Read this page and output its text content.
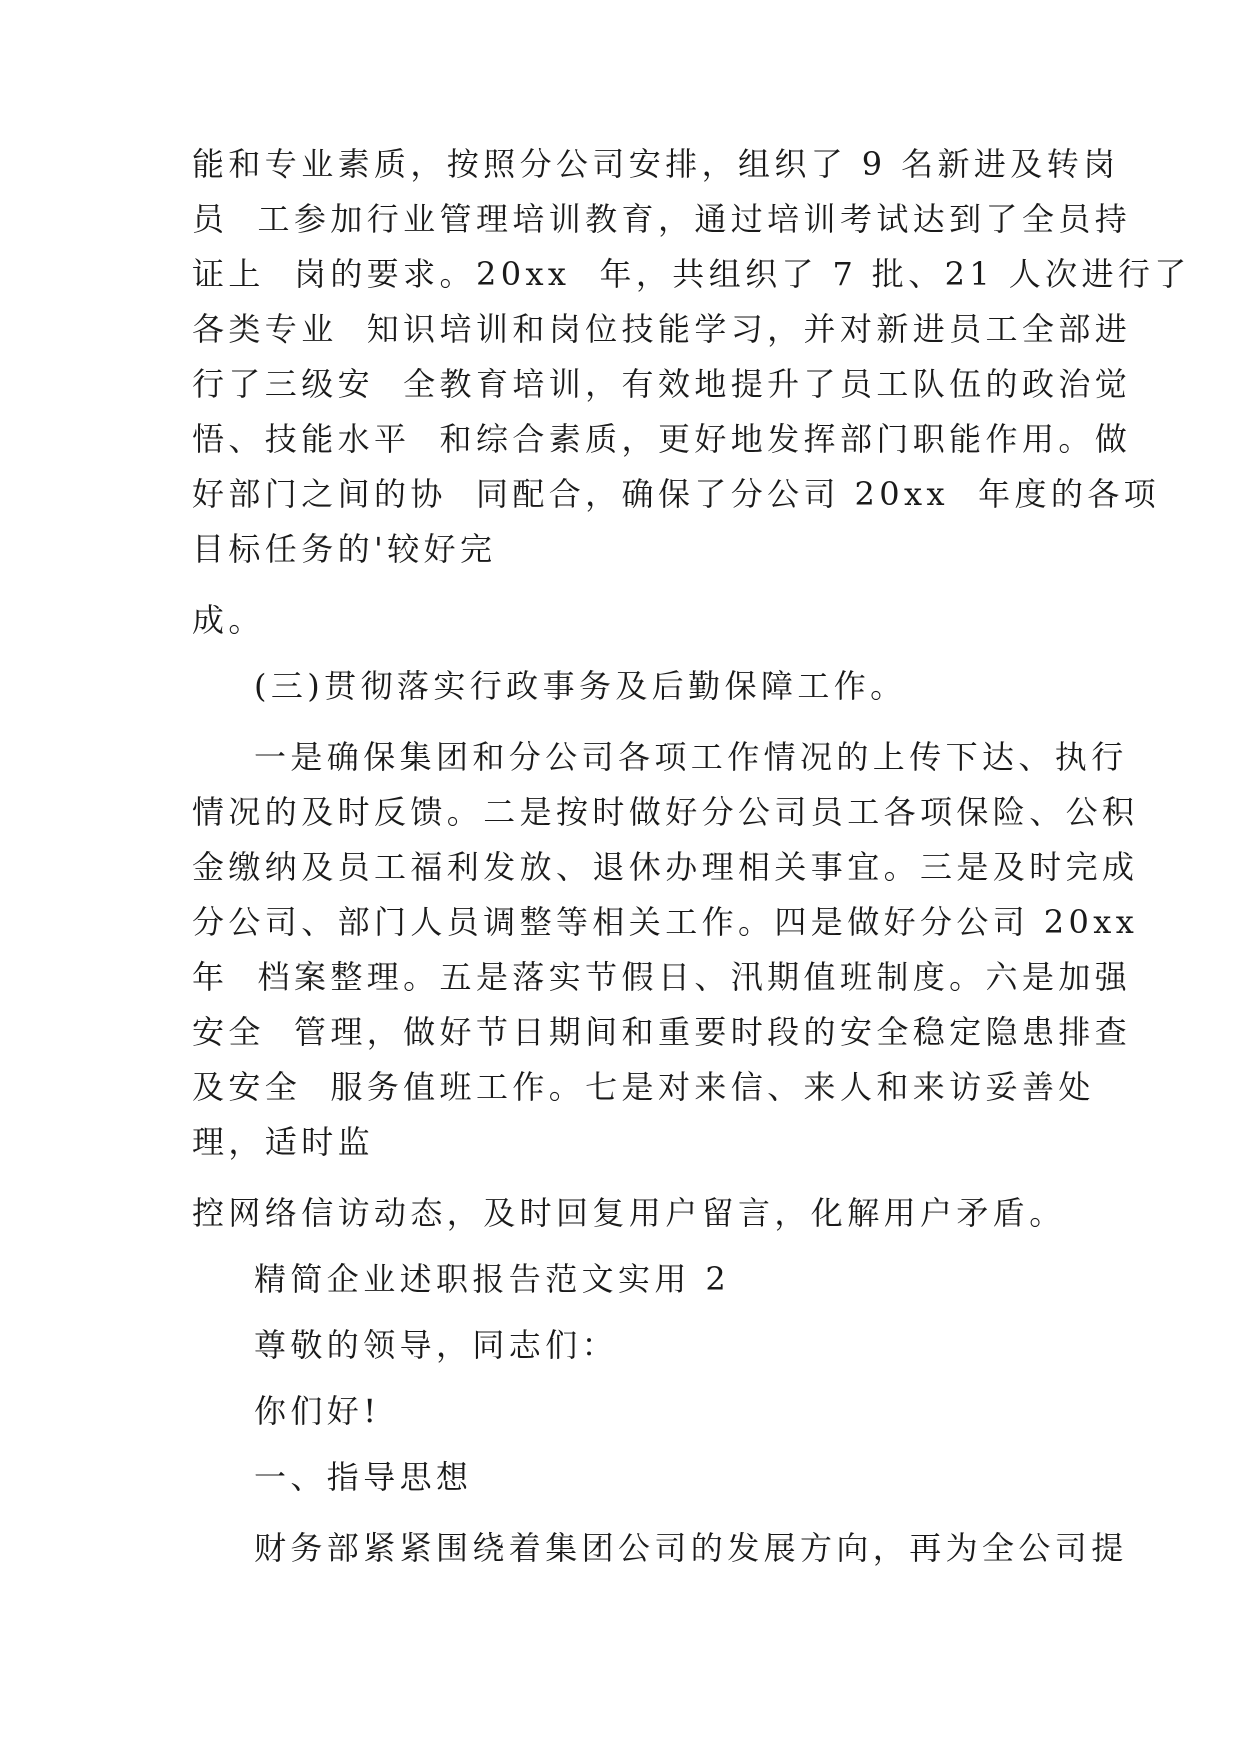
能和专业素质，按照分公司安排，组织了 9 名新进及转岗
员  工参加行业管理培训教育，通过培训考试达到了全员持
证上  岗的要求。20xx  年，共组织了 7 批、21 人次进行了
各类专业  知识培训和岗位技能学习，并对新进员工全部进
行了三级安  全教育培训，有效地提升了员工队伍的政治觉
悟、技能水平  和综合素质，更好地发挥部门职能作用。做
好部门之间的协  同配合，确保了分公司 20xx  年度的各项
目标任务的'较好完
成。
(三)贯彻落实行政事务及后勤保障工作。
一是确保集团和分公司各项工作情况的上传下达、执行
情况的及时反馈。二是按时做好分公司员工各项保险、公积
金缴纳及员工福利发放、退休办理相关事宜。三是及时完成
分公司、部门人员调整等相关工作。四是做好分公司 20xx
年  档案整理。五是落实节假日、汛期值班制度。六是加强
安全  管理，做好节日期间和重要时段的安全稳定隐患排查
及安全  服务值班工作。七是对来信、来人和来访妥善处
理，适时监
控网络信访动态，及时回复用户留言，化解用户矛盾。
精简企业述职报告范文实用 2
尊敬的领导，同志们：
你们好!
一、指导思想
财务部紧紧围绕着集团公司的发展方向，再为全公司提
